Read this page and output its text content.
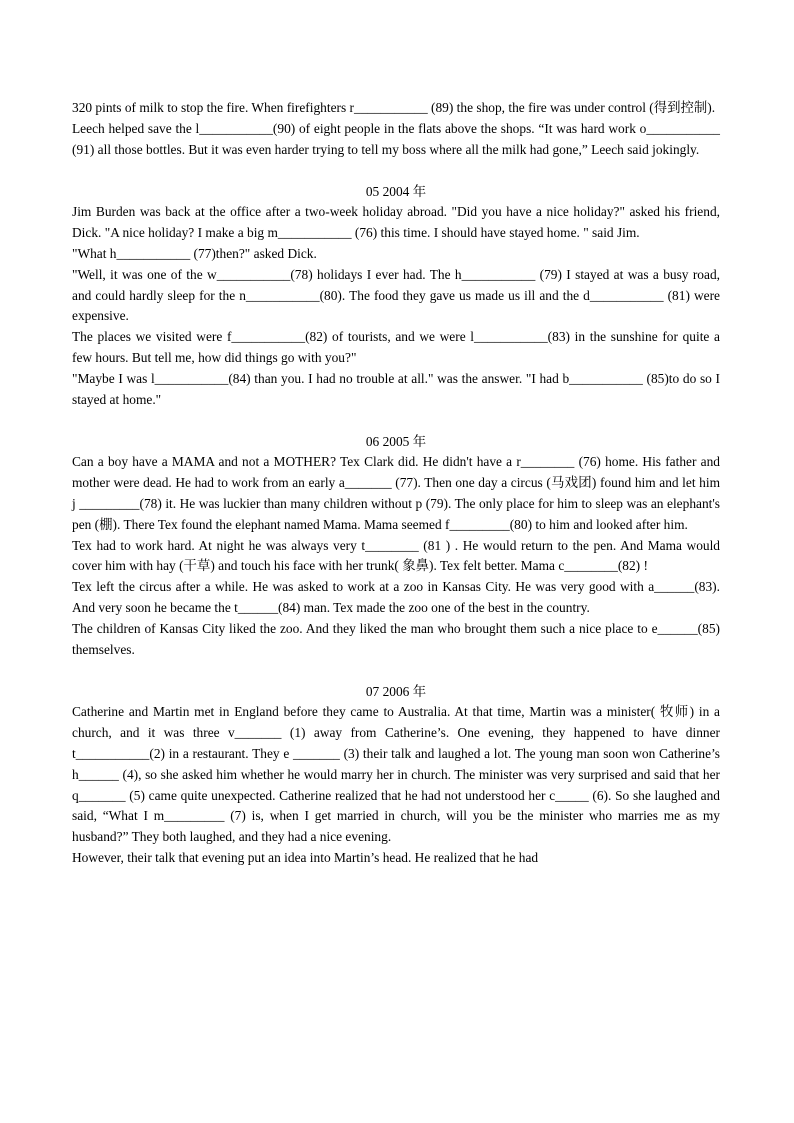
320 pints of milk to stop the fire. When firefighters r___________ (89) the shop, the fire was under control (得到控制).

Leech helped save the l___________(90) of eight people in the flats above the shops. “It was hard work o___________ (91) all those bottles. But it was even harder trying to tell my boss where all the milk had gone,” Leech said jokingly.

05 2004 年

Jim Burden was back at the office after a two-week holiday abroad. "Did you have a nice holiday?" asked his friend, Dick. "A nice holiday? I make a big m___________ (76) this time. I should have stayed home. " said Jim.

"What h___________ (77)then?" asked Dick.

"Well, it was one of the w___________(78) holidays I ever had. The h___________ (79) I stayed at was a busy road, and could hardly sleep for the n___________(80). The food they gave us made us ill and the d___________ (81) were expensive.

The places we visited were f___________(82) of tourists, and we were l___________(83) in the sunshine for quite a few hours. But tell me, how did things go with you?"

"Maybe I was l___________(84) than you. I had no trouble at all." was the answer. "I had b___________ (85)to do so I stayed at home."

06 2005 年

Can a boy have a MAMA and not a MOTHER? Tex Clark did. He didn't have a r________ (76) home. His father and mother were dead. He had to work from an early a_______ (77). Then one day a circus (马戏团) found him and let him j _________(78) it. He was luckier than many children without p (79). The only place for him to sleep was an elephant's pen (棚). There Tex found the elephant named Mama. Mama seemed f_________(80) to him and looked after him.

Tex had to work hard. At night he was always very t________ (81 ) . He would return to the pen. And Mama would cover him with hay (干草) and touch his face with her trunk( 象鼻). Tex felt better. Mama c________(82) !

Tex left the circus after a while. He was asked to work at a zoo in Kansas City. He was very good with a______(83). And very soon he became the t______(84) man. Tex made the zoo one of the best in the country.

The children of Kansas City liked the zoo. And they liked the man who brought them such a nice place to e______(85) themselves.

07 2006 年

Catherine and Martin met in England before they came to Australia. At that time, Martin was a minister( 牧师) in a church, and it was three v_______ (1) away from Catherine’s. One evening, they happened to have dinner t___________(2) in a restaurant. They e _______ (3) their talk and laughed a lot. The young man soon won Catherine’s h______ (4), so she asked him whether he would marry her in church. The minister was very surprised and said that her q_______ (5) came quite unexpected. Catherine realized that he had not understood her c_____ (6). So she laughed and said, “What I m_________ (7) is, when I get married in church, will you be the minister who marries me as my husband?” They both laughed, and they had a nice evening.

However, their talk that evening put an idea into Martin’s head. He realized that he had
